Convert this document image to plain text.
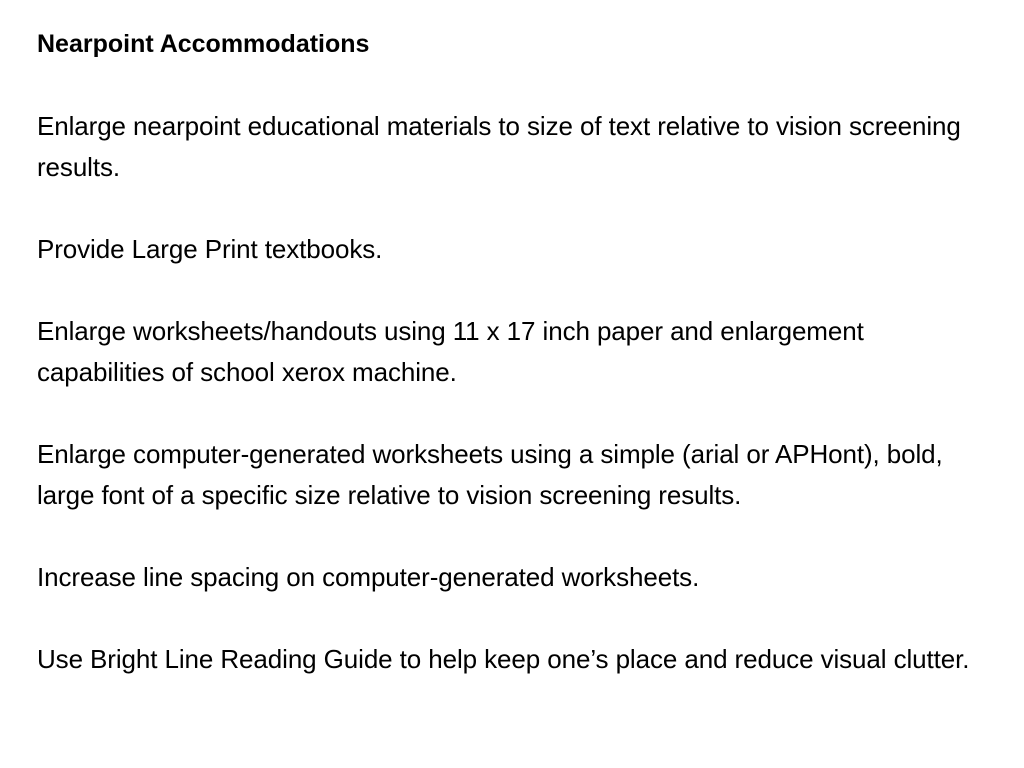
Nearpoint Accommodations

Enlarge nearpoint educational materials to size of text relative to vision screening results.

Provide Large Print textbooks.

Enlarge worksheets/handouts using 11 x 17 inch paper and enlargement capabilities of school xerox machine.

Enlarge computer-generated worksheets using a simple (arial or APHont), bold, large font of a specific size relative to vision screening results.

Increase line spacing on computer-generated worksheets.

Use Bright Line Reading Guide to help keep one’s place and reduce visual clutter.
